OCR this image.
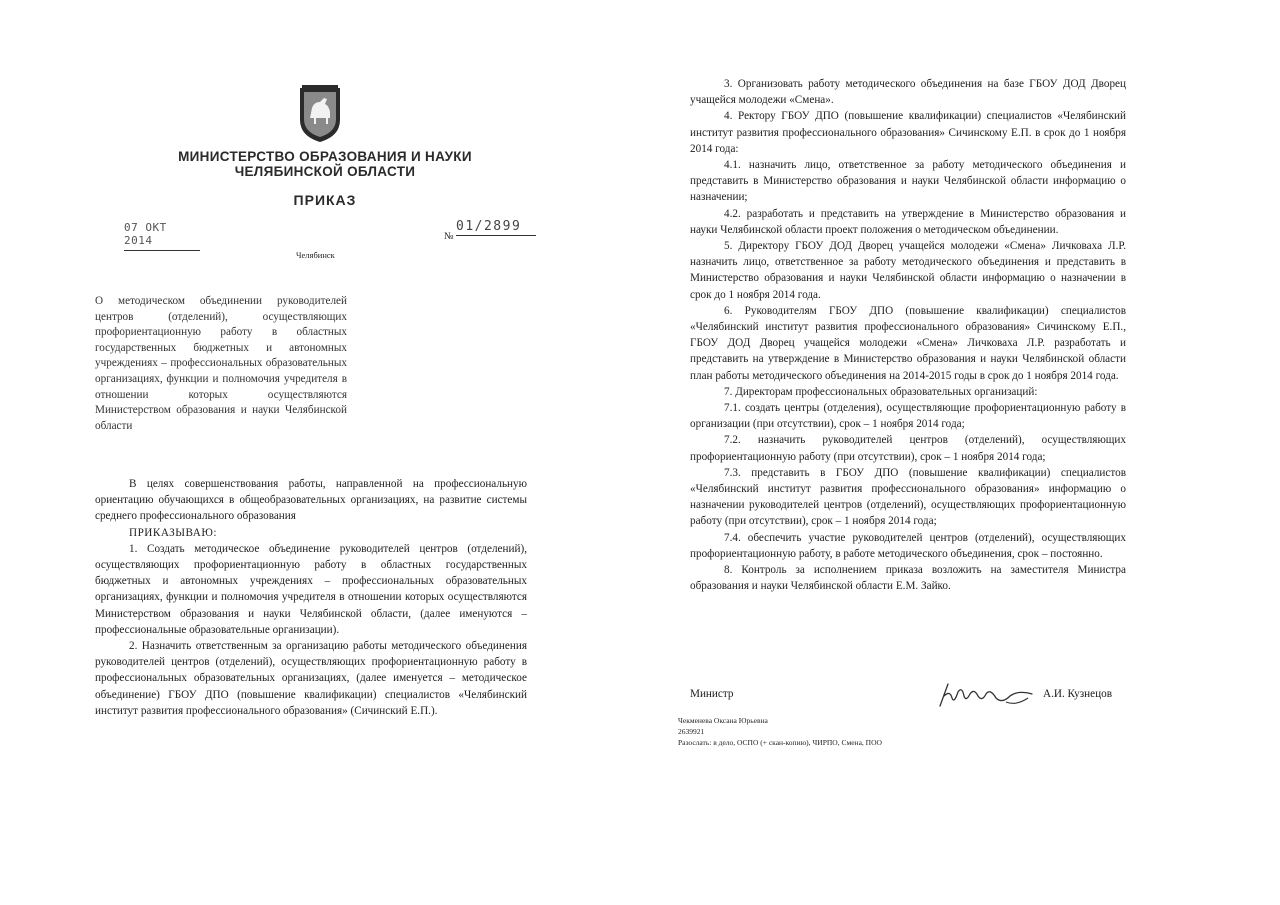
МИНИСТЕРСТВО ОБРАЗОВАНИЯ И НАУКИ
ЧЕЛЯБИНСКОЙ ОБЛАСТИ
ПРИКАЗ
07 ОКТ 2014	№
01/2899
Челябинск
О методическом объединении руководителей центров (отделений), осуществляющих профориентационную работу в областных государственных бюджетных и автономных учреждениях – профессиональных образовательных организациях, функции и полномочия учредителя в отношении которых осуществляются Министерством образования и науки Челябинской области

В целях совершенствования работы, направленной на профессиональную ориентацию обучающихся в общеобразовательных организациях, на развитие системы среднего профессионального образования

ПРИКАЗЫВАЮ:

1. Создать методическое объединение руководителей центров (отделений), осуществляющих профориентационную работу в областных государственных бюджетных и автономных учреждениях – профессиональных образовательных организациях, функции и полномочия учредителя в отношении которых осуществляются Министерством образования и науки Челябинской области, (далее именуются – профессиональные образовательные организации).

2. Назначить ответственным за организацию работы методического объединения руководителей центров (отделений), осуществляющих профориентационную работу в профессиональных образовательных организациях, (далее именуется – методическое объединение) ГБОУ ДПО (повышение квалификации) специалистов «Челябинский институт развития профессионального образования» (Сичинский Е.П.).

3. Организовать работу методического объединения на базе ГБОУ ДОД Дворец учащейся молодежи «Смена».

4. Ректору ГБОУ ДПО (повышение квалификации) специалистов «Челябинский институт развития профессионального образования» Сичинскому Е.П. в срок до 1 ноября 2014 года:

4.1. назначить лицо, ответственное за работу методического объединения и представить в Министерство образования и науки Челябинской области информацию о назначении;

4.2. разработать и представить на утверждение в Министерство образования и науки Челябинской области проект положения о методическом объединении.

5. Директору ГБОУ ДОД Дворец учащейся молодежи «Смена» Личковаха Л.Р. назначить лицо, ответственное за работу методического объединения и представить в Министерство образования и науки Челябинской области информацию о назначении в срок до 1 ноября 2014 года.

6. Руководителям ГБОУ ДПО (повышение квалификации) специалистов «Челябинский институт развития профессионального образования» Сичинскому Е.П., ГБОУ ДОД Дворец учащейся молодежи «Смена» Личковаха Л.Р. разработать и представить на утверждение в Министерство образования и науки Челябинской области план работы методического объединения на 2014-2015 годы в срок до 1 ноября 2014 года.

7. Директорам профессиональных образовательных организаций:

7.1. создать центры (отделения), осуществляющие профориентационную работу в организации (при отсутствии), срок – 1 ноября 2014 года;

7.2. назначить руководителей центров (отделений), осуществляющих профориентационную работу (при отсутствии), срок – 1 ноября 2014 года;

7.3. представить в ГБОУ ДПО (повышение квалификации) специалистов «Челябинский институт развития профессионального образования» информацию о назначении руководителей центров (отделений), осуществляющих профориентационную работу (при отсутствии), срок – 1 ноября 2014 года;

7.4. обеспечить участие руководителей центров (отделений), осуществляющих профориентационную работу, в работе методического объединения, срок – постоянно.

8. Контроль за исполнением приказа возложить на заместителя Министра образования и науки Челябинской области Е.М. Зайко.

Министр	А.И. Кузнецов
Чекменева Оксана Юрьевна
2639921
Разослать: в дело, ОСПО (+ скан-копию), ЧИРПО, Смена, ПОО
